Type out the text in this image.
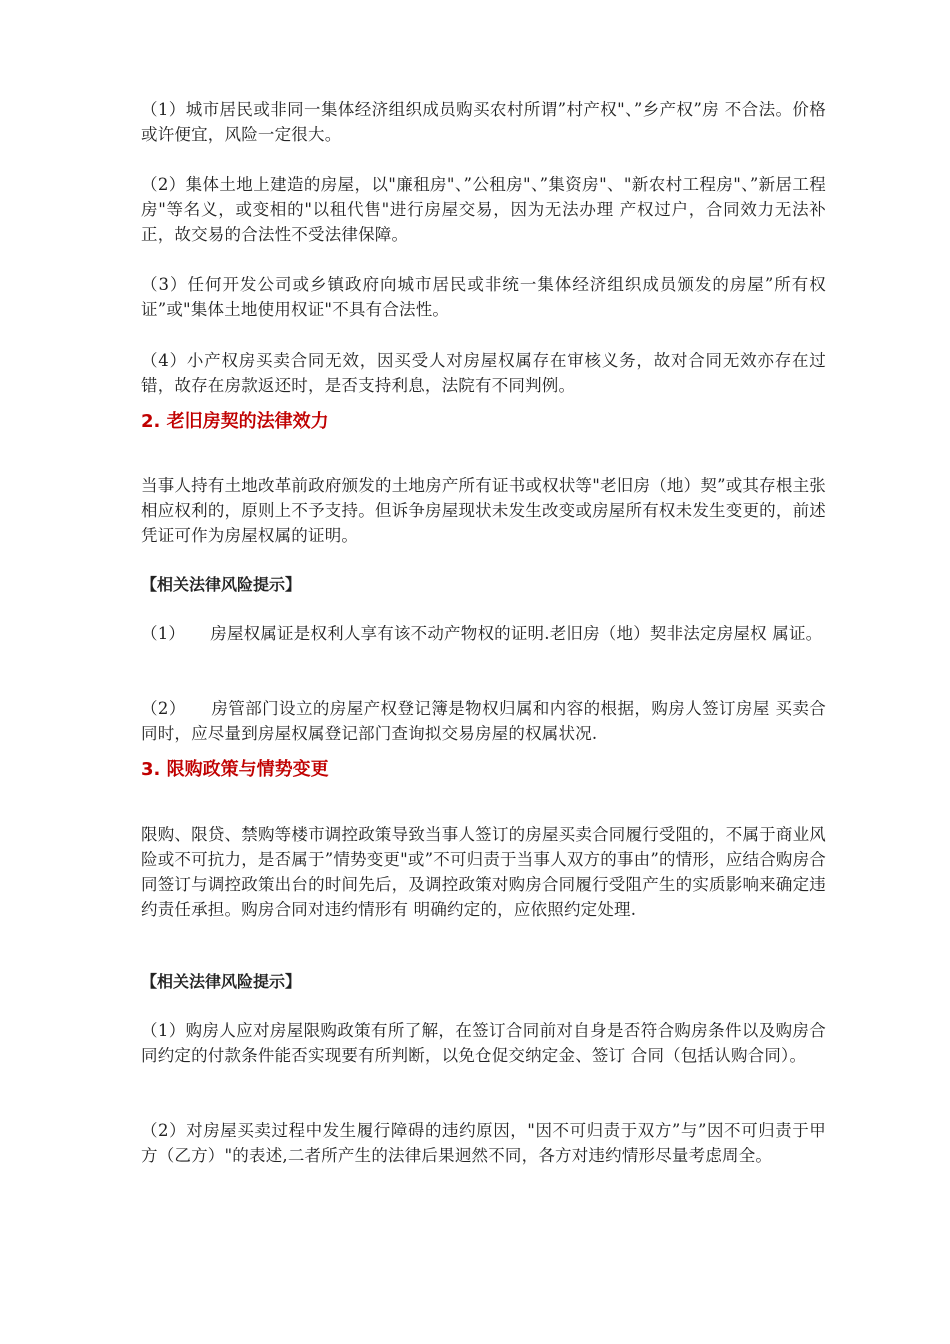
（1）城市居民或非同一集体经济组织成员购买农村所谓”村产权"、”乡产权”房 不合法。价格或许便宜，风险一定很大。

（2）集体土地上建造的房屋，以"廉租房"、”公租房"、”集资房"、"新农村工程房"、”新居工程房"等名义，或变相的"以租代售"进行房屋交易，因为无法办理 产权过户，合同效力无法补正，故交易的合法性不受法律保障。

（3）任何开发公司或乡镇政府向城市居民或非统一集体经济组织成员颁发的房屋”所有权证”或"集体土地使用权证"不具有合法性。

（4）小产权房买卖合同无效，因买受人对房屋权属存在审核义务，故对合同无效亦存在过错，故存在房款返还时，是否支持利息，法院有不同判例。

2. 老旧房契的法律效力

当事人持有土地改革前政府颁发的土地房产所有证书或权状等"老旧房（地）契”或其存根主张相应权利的，原则上不予支持。但诉争房屋现状未发生改变或房屋所有权未发生变更的，前述凭证可作为房屋权属的证明。

【相关法律风险提示】

（1）　　房屋权属证是权利人享有该不动产物权的证明.老旧房（地）契非法定房屋权 属证。

（2）　　房管部门设立的房屋产权登记簿是物权归属和内容的根据，购房人签订房屋 买卖合同时，应尽量到房屋权属登记部门查询拟交易房屋的权属状况.

3. 限购政策与情势变更

限购、限贷、禁购等楼市调控政策导致当事人签订的房屋买卖合同履行受阻的，不属于商业风险或不可抗力，是否属于”情势变更"或”不可归责于当事人双方的事由”的情形，应结合购房合同签订与调控政策出台的时间先后，及调控政策对购房合同履行受阻产生的实质影响来确定违约责任承担。购房合同对违约情形有 明确约定的，应依照约定处理.

【相关法律风险提示】

（1）购房人应对房屋限购政策有所了解，在签订合同前对自身是否符合购房条件以及购房合同约定的付款条件能否实现要有所判断，以免仓促交纳定金、签订 合同（包括认购合同）。

（2）对房屋买卖过程中发生履行障碍的违约原因，"因不可归责于双方”与”因不可归责于甲方（乙方）"的表述,二者所产生的法律后果迥然不同，各方对违约情形尽量考虑周全。
